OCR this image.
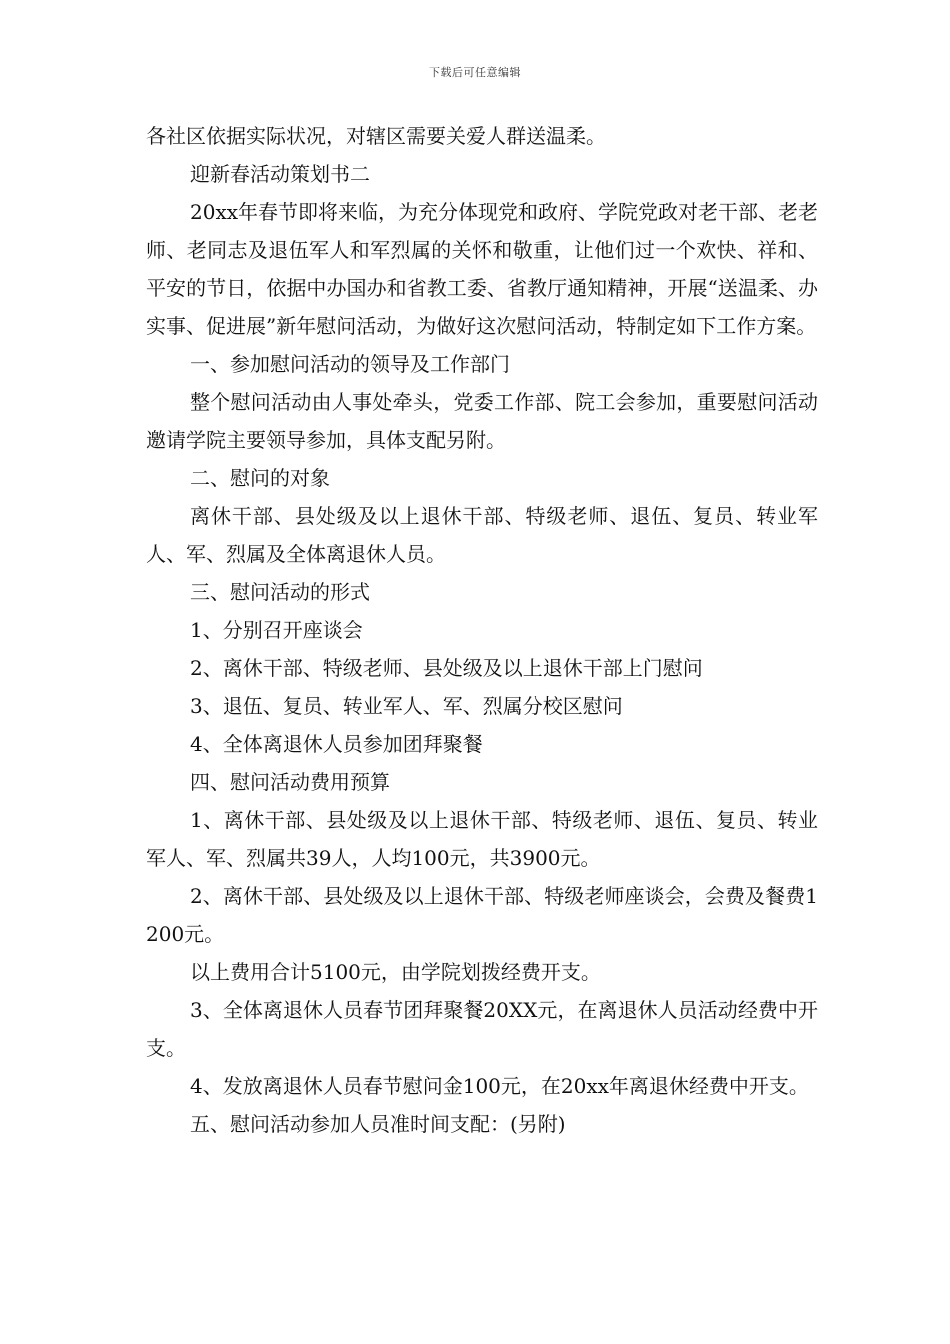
下载后可任意编辑

各社区依据实际状况，对辖区需要关爱人群送温柔。

迎新春活动策划书二

20xx年春节即将来临，为充分体现党和政府、学院党政对老干部、老老师、老同志及退伍军人和军烈属的关怀和敬重，让他们过一个欢快、祥和、平安的节日，依据中办国办和省教工委、省教厅通知精神，开展“送温柔、办实事、促进展”新年慰问活动，为做好这次慰问活动，特制定如下工作方案。

一、参加慰问活动的领导及工作部门

整个慰问活动由人事处牵头，党委工作部、院工会参加，重要慰问活动邀请学院主要领导参加，具体支配另附。

二、慰问的对象

离休干部、县处级及以上退休干部、特级老师、退伍、复员、转业军人、军、烈属及全体离退休人员。

三、慰问活动的形式

1、分别召开座谈会

2、离休干部、特级老师、县处级及以上退休干部上门慰问

3、退伍、复员、转业军人、军、烈属分校区慰问

4、全体离退休人员参加团拜聚餐

四、慰问活动费用预算

1、离休干部、县处级及以上退休干部、特级老师、退伍、复员、转业军人、军、烈属共39人，人均100元，共3900元。

2、离休干部、县处级及以上退休干部、特级老师座谈会，会费及餐费1200元。

以上费用合计5100元，由学院划拨经费开支。

3、全体离退休人员春节团拜聚餐20XX元，在离退休人员活动经费中开支。

4、发放离退休人员春节慰问金100元，在20xx年离退休经费中开支。

五、慰问活动参加人员准时间支配：(另附)
